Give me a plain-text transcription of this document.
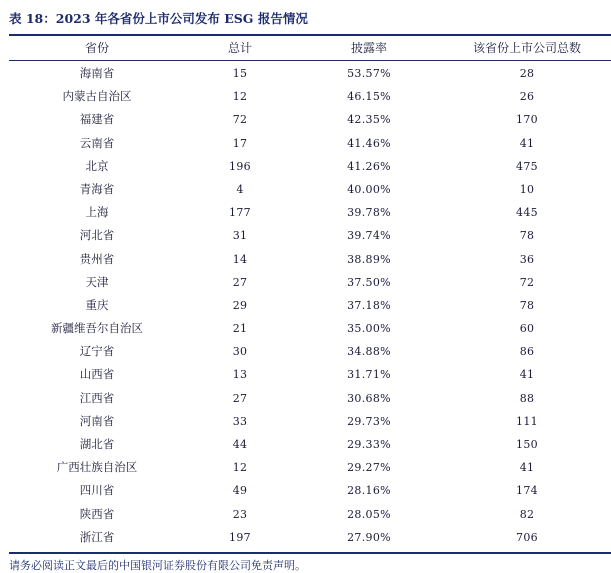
表 18：2023 年各省份上市公司发布 ESG 报告情况
省份	总计	披露率	该省份上市公司总数
海南省	15	53.57%	28
内蒙古自治区	12	46.15%	26
福建省	72	42.35%	170
云南省	17	41.46%	41
北京	196	41.26%	475
青海省	4	40.00%	10
上海	177	39.78%	445
河北省	31	39.74%	78
贵州省	14	38.89%	36
天津	27	37.50%	72
重庆	29	37.18%	78
新疆维吾尔自治区	21	35.00%	60
辽宁省	30	34.88%	86
山西省	13	31.71%	41
江西省	27	30.68%	88
河南省	33	29.73%	111
湖北省	44	29.33%	150
广西壮族自治区	12	29.27%	41
四川省	49	28.16%	174
陕西省	23	28.05%	82
浙江省	197	27.90%	706
请务必阅读正文最后的中国银河证券股份有限公司免责声明。
